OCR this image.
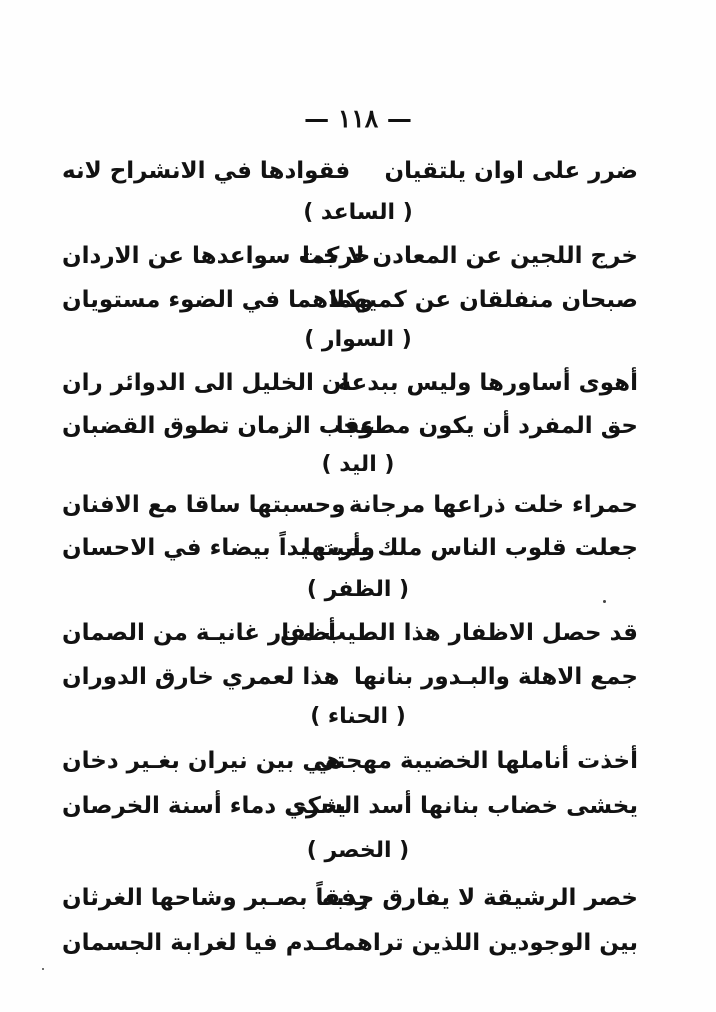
— ١١٨ —
ضرر على اوان يلتقيان
فقوادها في الانشراح لانه
( الساعد )
خرج اللجين عن المعادن لا كما
خرجت سواعدها عن الاردان
صبحان منفلقان عن كميهما
وكلاهما في الضوء مستويان
( السوار )
أهوى أساورها وليس ببدعة
ان الخليل الى الدوائر ران
حق المفرد أن يكون مطوقا
عجب الزمان تطوق القضبان
( اليد )
حمراء خلت ذراعها مرجانة
وحسبتها ساقا مع الافنان
جعلت قلوب الناس ملك يمينها
وأرت يداً بيضاء في الاحسان
( الظفر )
قد حصل الاظفار هذا الطيب من
أظفار غانيـة من الصمان
جمع الاهلة والبـدور بنانها
هذا لعمري خارق الدوران
( الحناء )
أخذت أناملها الخضيبة مهجتي
هي بين نيران بغـير دخان
يخشى خضاب بنانها أسد الشرى
يحكي دماء أسنة الخرصان
( الخصر )
خصر الرشيقة لا يفارق جدبه
رفقاً بصـبر وشاحها الغرثان
بين الوجودين اللذين تراهما
عـدم فيا لغرابة الجسمان
